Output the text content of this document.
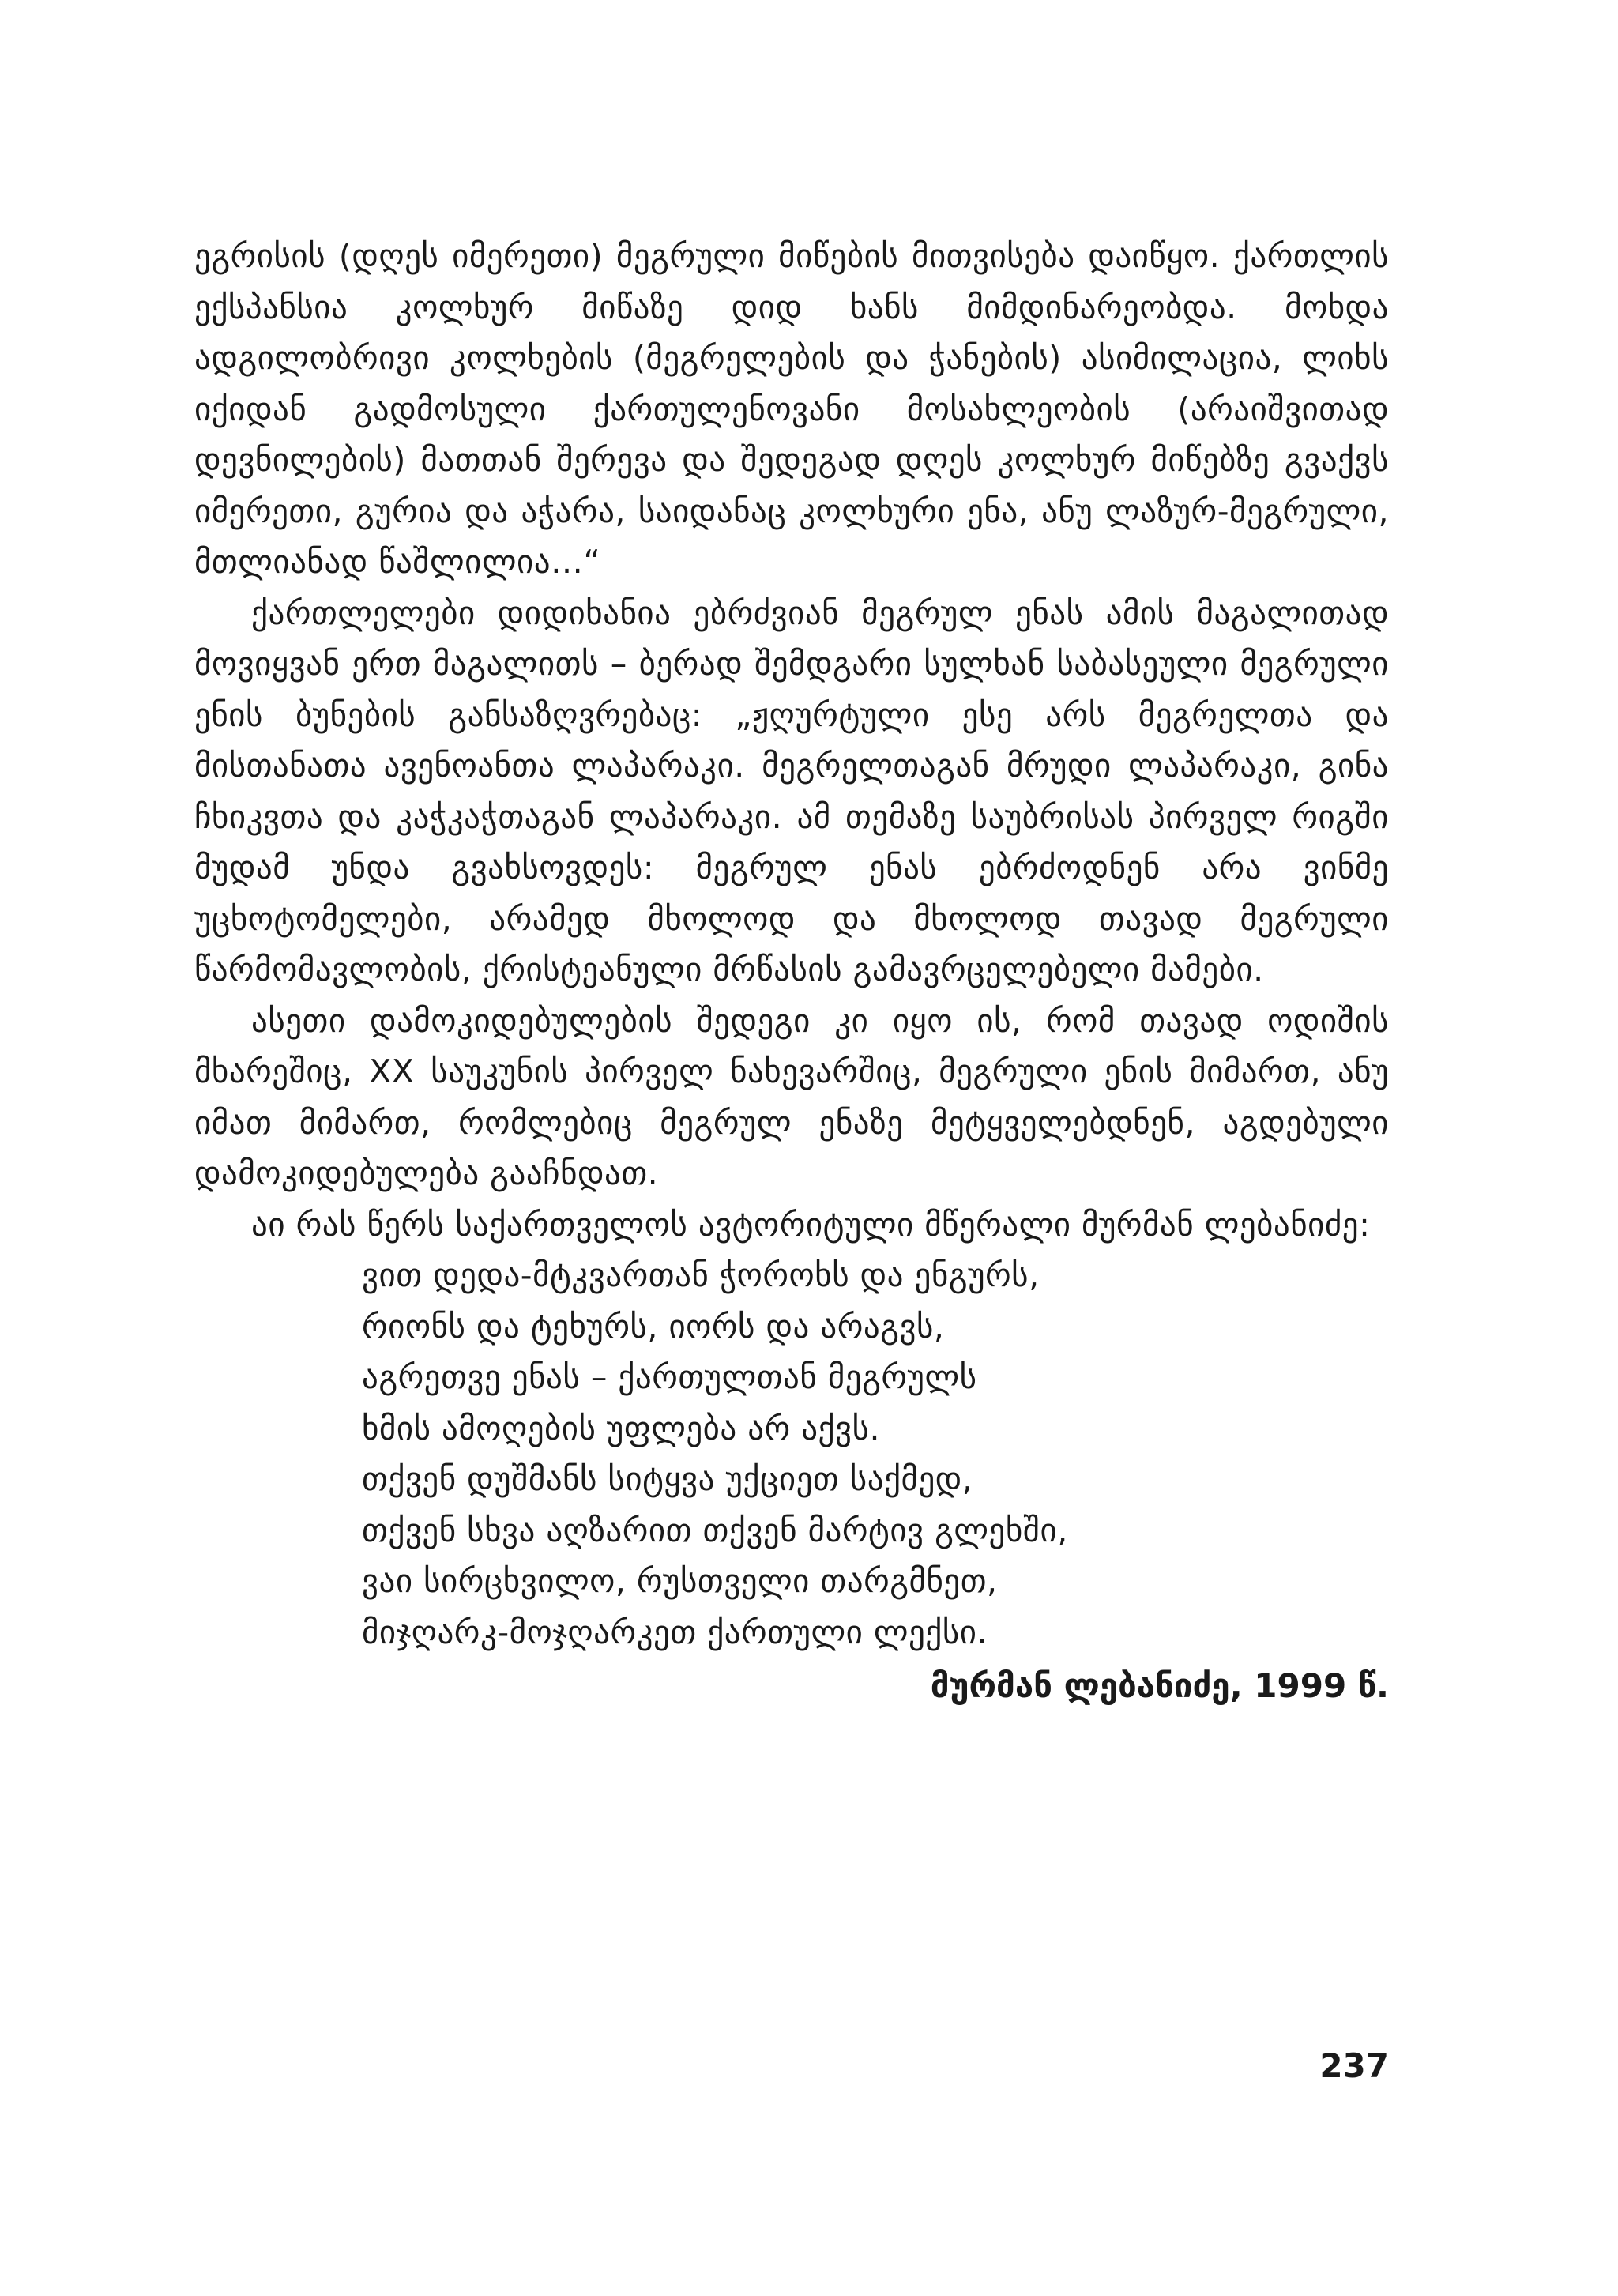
ეგრისის (დღეს იმერეთი) მეგრული მიწების მითვისება დაიწყო. ქართლის ექსპანსია კოლხურ მიწაზე დიდ ხანს მიმდინარეობდა. მოხდა ადგილობრივი კოლხების (მეგრელების და ჭანების) ასიმილაცია, ლიხს იქიდან გადმოსული ქართულენოვანი მოსახლეობის (არაიშვითად დევნილების) მათთან შერევა და შედეგად დღეს კოლხურ მიწებზე გვაქვს იმერეთი, გურია და აჭარა, საიდანაც კოლხური ენა, ანუ ლაზურ-მეგრული, მთლიანად წაშლილია…“

ქართლელები დიდიხანია ებრძვიან მეგრულ ენას ამის მაგალითად მოვიყვან ერთ მაგალითს – ბერად შემდგარი სულხან საბასეული მეგრული ენის ბუნების განსაზღვრებაც: „ჟღურტული ესე არს მეგრელთა და მისთანათა ავენოანთა ლაპარაკი. მეგრელთაგან მრუდი ლაპარაკი, გინა ჩხიკვთა და კაჭკაჭთაგან ლაპარაკი. ამ თემაზე საუბრისას პირველ რიგში მუდამ უნდა გვახსოვდეს: მეგრულ ენას ებრძოდნენ არა ვინმე უცხოტომელები, არამედ მხოლოდ და მხოლოდ თავად მეგრული წარმომავლობის, ქრისტეანული მრწასის გამავრცელებელი მამები.

ასეთი დამოკიდებულების შედეგი კი იყო ის, რომ თავად ოდიშის მხარეშიც, XX საუკუნის პირველ ნახევარშიც, მეგრული ენის მიმართ, ანუ იმათ მიმართ, რომლებიც მეგრულ ენაზე მეტყველებდნენ, აგდებული დამოკიდებულება გააჩნდათ.

აი რას წერს საქართველოს ავტორიტული მწერალი მურმან ლებანიძე:

ვით დედა-მტკვართან ჭოროხს და ენგურს,
რიონს და ტეხურს, იორს და არაგვს,
აგრეთვე ენას – ქართულთან მეგრულს
ხმის ამოღების უფლება არ აქვს.
თქვენ დუშმანს სიტყვა უქციეთ საქმედ,
თქვენ სხვა აღზარით თქვენ მარტივ გლეხში,
ვაი სირცხვილო, რუსთველი თარგმნეთ,
მიჯღარკ-მოჯღარკეთ ქართული ლექსი.

მურმან ლებანიძე, 1999 წ.

237
